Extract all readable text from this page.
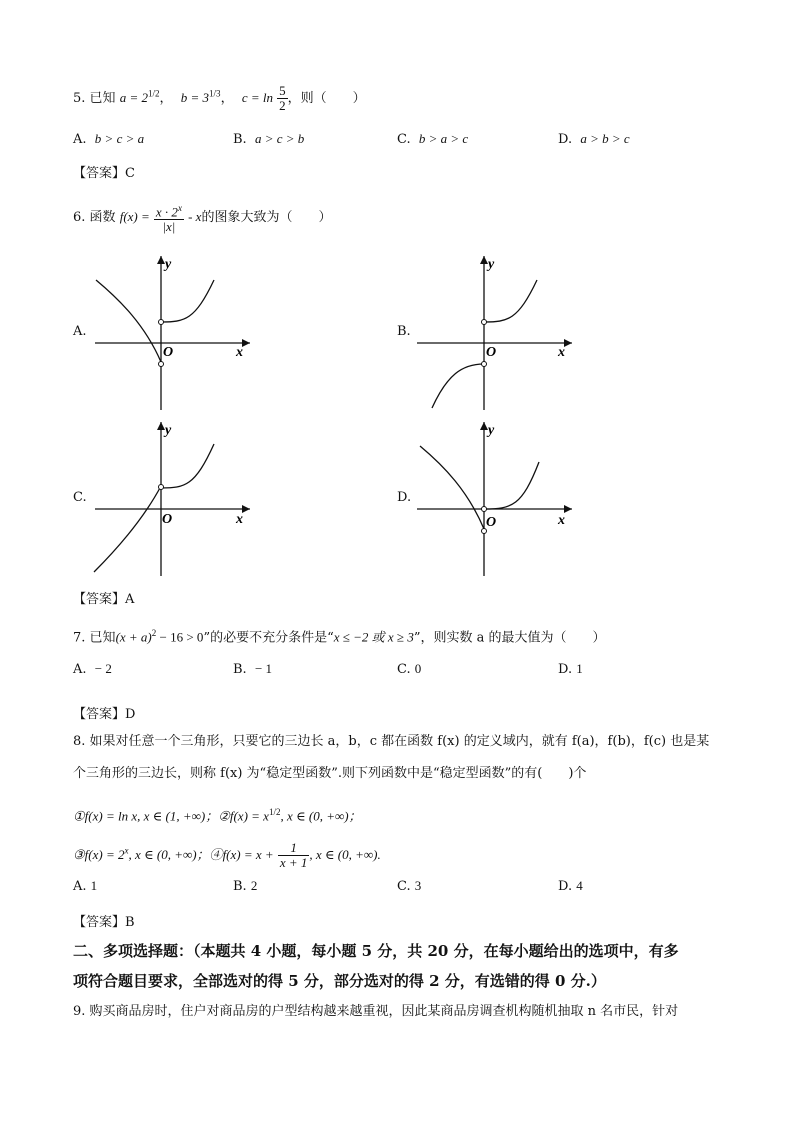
5. 已知 $a = 2^{1/2}$，  $b = 3^{1/3}$，  $c = \ln \frac{5}{2}$ ，则（　　）
A. b > c > a	B. a > c > b	C. b > a > c	D. a > b > c
【答案】C
6. 函数 $f(x) = \frac{x \cdot 2^x}{|x|} - x$的图象大致为（　　）
A.
y
x
O
B.
y
x
O
C.
y
x
O
D.
y
x
O
【答案】A
7. 已知$(x + a)^2 - 16 > 0$”的必要不充分条件是“x ≤ −2 或 x ≥ 3”，则实数 a 的最大值为（　　）
A. − 2	B. − 1	C. 0	D. 1
【答案】D
8. 如果对任意一个三角形，只要它的三边长 a，b，c 都在函数 f(x) 的定义域内，就有 f(a)，f(b)，f(c) 也是某
个三角形的三边长，则称 f(x) 为“稳定型函数”.则下列函数中是“稳定型函数”的有(　　)个
①f(x) = ln x, x ∈ (1, +∞)；②f(x) = $x^{1/2}$, x ∈ (0, +∞)；
③f(x) = $2^x$, x ∈ (0, +∞)；④f(x) = $x + \frac{1}{x + 1}$ , x ∈ (0, +∞).
A. 1	B. 2	C. 3	D. 4
【答案】B
二、多项选择题：（本题共 4 小题，每小题 5 分，共 20 分，在每小题给出的选项中，有多
项符合题目要求，全部选对的得 5 分，部分选对的得 2 分，有选错的得 0 分.）
9. 购买商品房时，住户对商品房的户型结构越来越重视，因此某商品房调查机构随机抽取 n 名市民，针对
